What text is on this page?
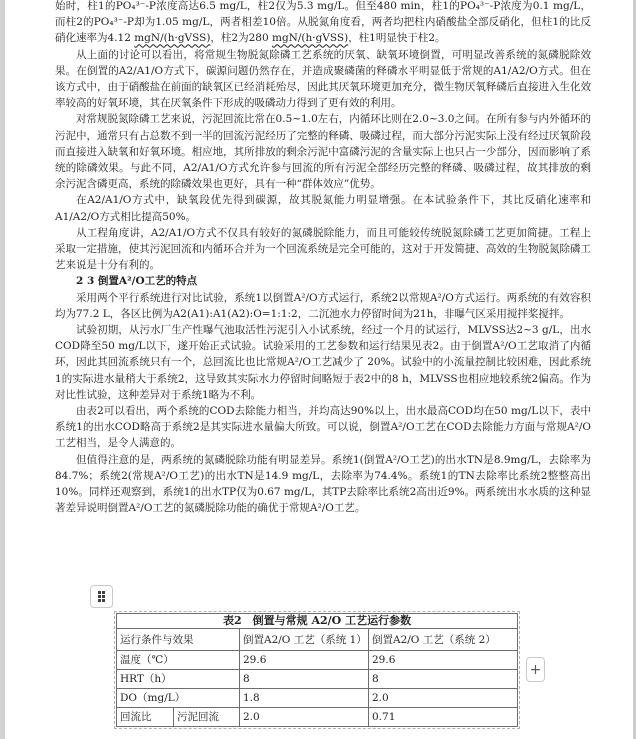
始时，柱1的PO₄³⁻-P浓度高达6.5 mg/L，柱2仅为5.3 mg/L。但至480 min，柱1的PO₄³⁻-P浓度为0.1 mg/L，而柱2的PO₄³⁻-P却为1.05 mg/L，两者相差10倍。从脱氮角度看，两者均把柱内硝酸盐全部反硝化，但柱1的比反硝化速率为4.12 mgN/(h·gVSS)，柱2为280 mgN/(h·gVSS)，柱1明显快于柱2。

从上面的讨论可以看出，将常规生物脱氮除磷工艺系统的厌氧、缺氧环境倒置，可明显改善系统的氮磷脱除效果。在倒置的A2/A1/O方式下，碳源问题仍然存在，并造成聚磷菌的释磷水平明显低于常规的A1/A2/O方式。但在该方式中，由于硝酸盐在前面的缺氧区已经消耗殆尽，因此其厌氧环境更加充分，微生物厌氧释磷后直接进入生化效率较高的好氧环境，其在厌氧条件下形成的吸磷动力得到了更有效的利用。

对常规脱氮除磷工艺来说，污泥回流比常在0.5~1.0左右，内循环比则在2.0~3.0之间。在所有参与内外循环的污泥中，通常只有占总数不到一半的回流污泥经历了完整的释磷、吸磷过程，而大部分污泥实际上没有经过厌氧阶段而直接进入缺氧和好氧环境。相应地，其所排放的剩余污泥中富磷污泥的含量实际上也只占一少部分，因而影响了系统的除磷效果。与此不同，A2/A1/O方式允许参与回流的所有污泥全部经历完整的释磷、吸磷过程，故其排放的剩余污泥含磷更高，系统的除磷效果也更好，具有一种“群体效应”优势。

在A2/A1/O方式中，缺氧段优先得到碳源，故其脱氮能力明显增强。在本试验条件下，其比反硝化速率和A1/A2/O方式相比提高50%。

从工程角度讲，A2/A1/O方式不仅具有较好的氮磷脱除能力，而且可能较传统脱氮除磷工艺更加简捷。工程上采取一定措施，使其污泥回流和内循环合并为一个回流系统是完全可能的，这对于开发简捷、高效的生物脱氮除磷工艺来说是十分有利的。

2 3 倒置A²/O工艺的特点

采用两个平行系统进行对比试验，系统1以倒置A²/O方式运行，系统2以常规A²/O方式运行。两系统的有效容积均为77.2 L，各区比例为A2(A1):A1(A2):O=1:1:2，二沉池水力停留时间为21h，非曝气区采用搅拌桨搅拌。

试验初期，从污水厂生产性曝气池取活性污泥引入小试系统，经过一个月的试运行，MLVSS达2~3 g/L，出水COD降至50 mg/L以下，遂开始正式试验。试验采用的工艺参数和运行结果见表2。由于倒置A²/O工艺取消了内循环，因此其回流系统只有一个，总回流比也比常规A²/O工艺减少了 20%。试验中的小流量控制比较困难，因此系统1的实际进水量稍大于系统2，这导致其实际水力停留时间略短于表2中的8 h，MLVSS也相应地较系统2偏高。作为对比性试验，这种差异对于系统1略为不利。

由表2可以看出，两个系统的COD去除能力相当，并均高达90%以上，出水最高COD均在50 mg/L以下，表中系统1的出水COD略高于系统2是其实际进水量偏大所致。可以说，倒置A²/O工艺在COD去除能力方面与常规A²/O工艺相当，是令人满意的。

但值得注意的是，两系统的氮磷脱除功能有明显差异。系统1(倒置A²/O工艺)的出水TN是8.9mg/L，去除率为84.7%；系统2(常规A²/O工艺)的出水TN是14.9 mg/L，去除率为74.4%。系统1的TN去除率比系统2整整高出10%。同样还观察到，系统1的出水TP仅为0.67 mg/L，其TP去除率比系统2高出近9%。两系统出水水质的这种显著差异说明倒置A²/O工艺的氮磷脱除功能的确优于常规A²/O工艺。

表2　倒置与常规 A2/O 工艺运行参数			
运行条件与效果		倒置A2/O 工艺（系统 1）	倒置A2/O 工艺（系统 2）
温度（℃）		29.6	29.6
HRT（h）		8	8
DO（mg/L）		1.8	2.0
回流比	污泥回流	2.0	0.71
+
